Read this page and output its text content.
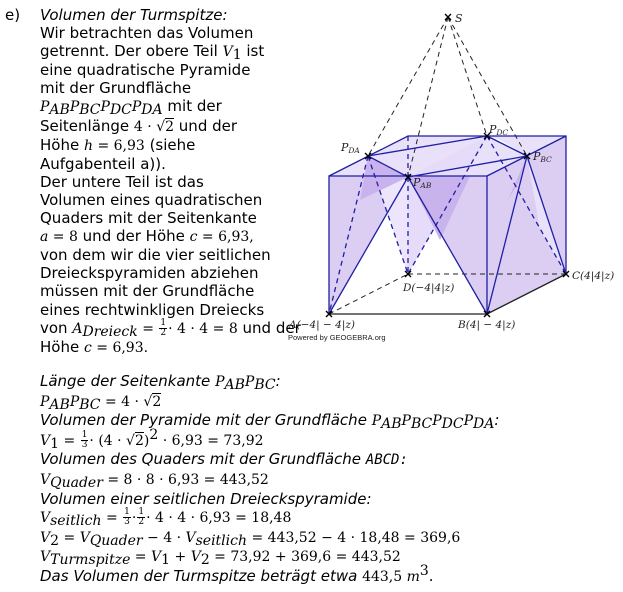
e) Volumen der Turmspitze:
Wir betrachten das Volumen
getrennt. Der obere Teil $V_1$ ist
eine quadratische Pyramide
mit der Grundfläche
$P_{AB}P_{BC}P_{DC}P_{DA}$ mit der
Seitenlänge 4 · √2 und der
Höhe h = 6,93 (siehe
Aufgabenteil a)).
Der untere Teil ist das
Volumen eines quadratischen
Quaders mit der Seitenkante
a = 8 und der Höhe c = 6,93,
von dem wir die vier seitlichen
Dreieckspyramiden abziehen
müssen mit der Grundfläche
eines rechtwinkligen Dreiecks
von $A_{Dreieck} = \frac{1}{2} \cdot 4 \cdot 4 = 8$ und der
Höhe c = 6,93.
S
PDA
PAB
PDC
PBC
A(−4| − 4|z)	B(4| − 4|z)
C(4|4|z)
D(−4|4|z)
Powered by GEOGEBRA.org
Länge der Seitenkante $P_{AB}P_{BC}$:
$P_{AB}P_{BC} = 4 \cdot √2$
Volumen der Pyramide mit der Grundfläche $P_{AB}P_{BC}P_{DC}P_{DA}$:
$V_1 = \frac{1}{3} \cdot (4 \cdot √2)^2 \cdot 6,93 = 73,92$
Volumen des Quaders mit der Grundfläche ABCD:
$V_{Quader} = 8 \cdot 8 \cdot 6,93 = 443,52$
Volumen einer seitlichen Dreieckspyramide:
$V_{seitlich} = \frac{1}{3} \cdot \frac{1}{2} \cdot 4 \cdot 4 \cdot 6,93 = 18,48$
$V_2 = V_{Quader} - 4 \cdot V_{seitlich} = 443,52 - 4 \cdot 18,48 = 369,6$
$V_{Turmspitze} = V_1 + V_2 = 73,92 + 369,6 = 443,52$
Das Volumen der Turmspitze beträgt etwa 443,5 $m^3$.
